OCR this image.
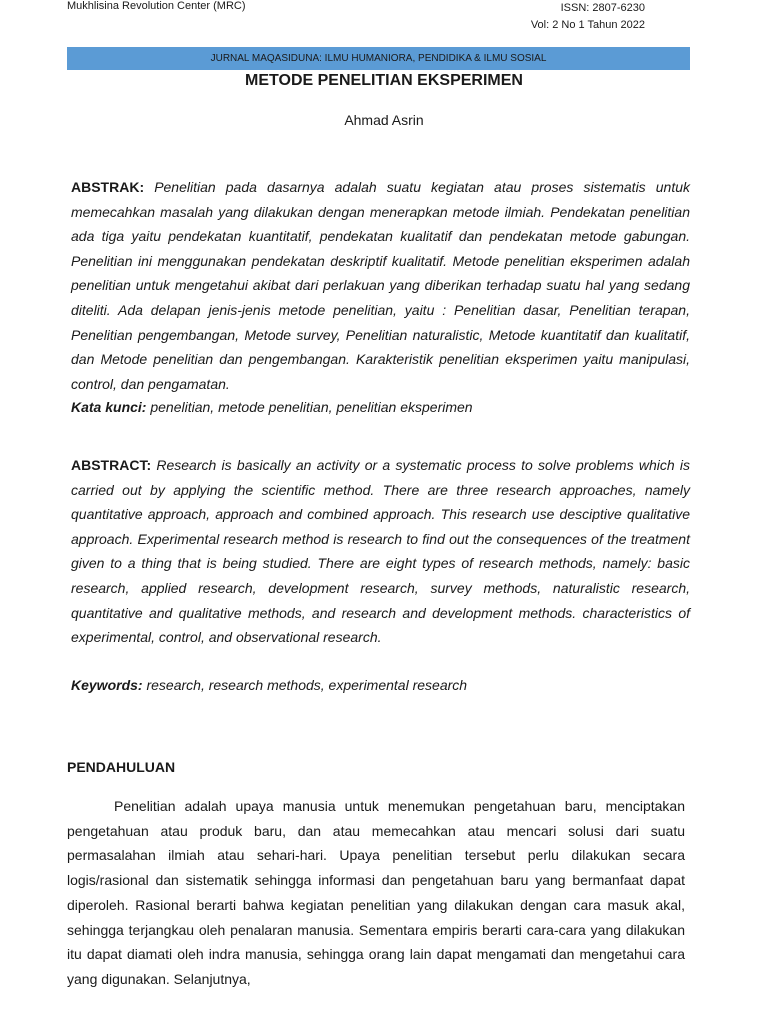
Mukhlisina Revolution Center (MRC)	ISSN: 2807-6230
Vol: 2 No 1 Tahun 2022
JURNAL MAQASIDUNA: ILMU HUMANIORA, PENDIDIKA & ILMU SOSIAL
METODE PENELITIAN EKSPERIMEN
Ahmad Asrin
ABSTRAK: Penelitian pada dasarnya adalah suatu kegiatan atau proses sistematis untuk memecahkan masalah yang dilakukan dengan menerapkan metode ilmiah. Pendekatan penelitian ada tiga yaitu pendekatan kuantitatif, pendekatan kualitatif dan pendekatan metode gabungan. Penelitian ini menggunakan pendekatan deskriptif kualitatif. Metode penelitian eksperimen adalah penelitian untuk mengetahui akibat dari perlakuan yang diberikan terhadap suatu hal yang sedang diteliti. Ada delapan jenis-jenis metode penelitian, yaitu : Penelitian dasar, Penelitian terapan, Penelitian pengembangan, Metode survey, Penelitian naturalistic, Metode kuantitatif dan kualitatif, dan Metode penelitian dan pengembangan. Karakteristik penelitian eksperimen yaitu manipulasi, control, dan pengamatan.
Kata kunci: penelitian, metode penelitian, penelitian eksperimen
ABSTRACT: Research is basically an activity or a systematic process to solve problems which is carried out by applying the scientific method. There are three research approaches, namely quantitative approach, approach and combined approach. This research use desciptive qualitative approach. Experimental research method is research to find out the consequences of the treatment given to a thing that is being studied. There are eight types of research methods, namely: basic research, applied research, development research, survey methods, naturalistic research, quantitative and qualitative methods, and research and development methods. characteristics of experimental, control, and observational research.
Keywords: research, research methods, experimental research
PENDAHULUAN
Penelitian adalah upaya manusia untuk menemukan pengetahuan baru, menciptakan pengetahuan atau produk baru, dan atau memecahkan atau mencari solusi dari suatu permasalahan ilmiah atau sehari-hari. Upaya penelitian tersebut perlu dilakukan secara logis/rasional dan sistematik sehingga informasi dan pengetahuan baru yang bermanfaat dapat diperoleh. Rasional berarti bahwa kegiatan penelitian yang dilakukan dengan cara masuk akal, sehingga terjangkau oleh penalaran manusia. Sementara empiris berarti cara-cara yang dilakukan itu dapat diamati oleh indra manusia, sehingga orang lain dapat mengamati dan mengetahui cara yang digunakan. Selanjutnya,
